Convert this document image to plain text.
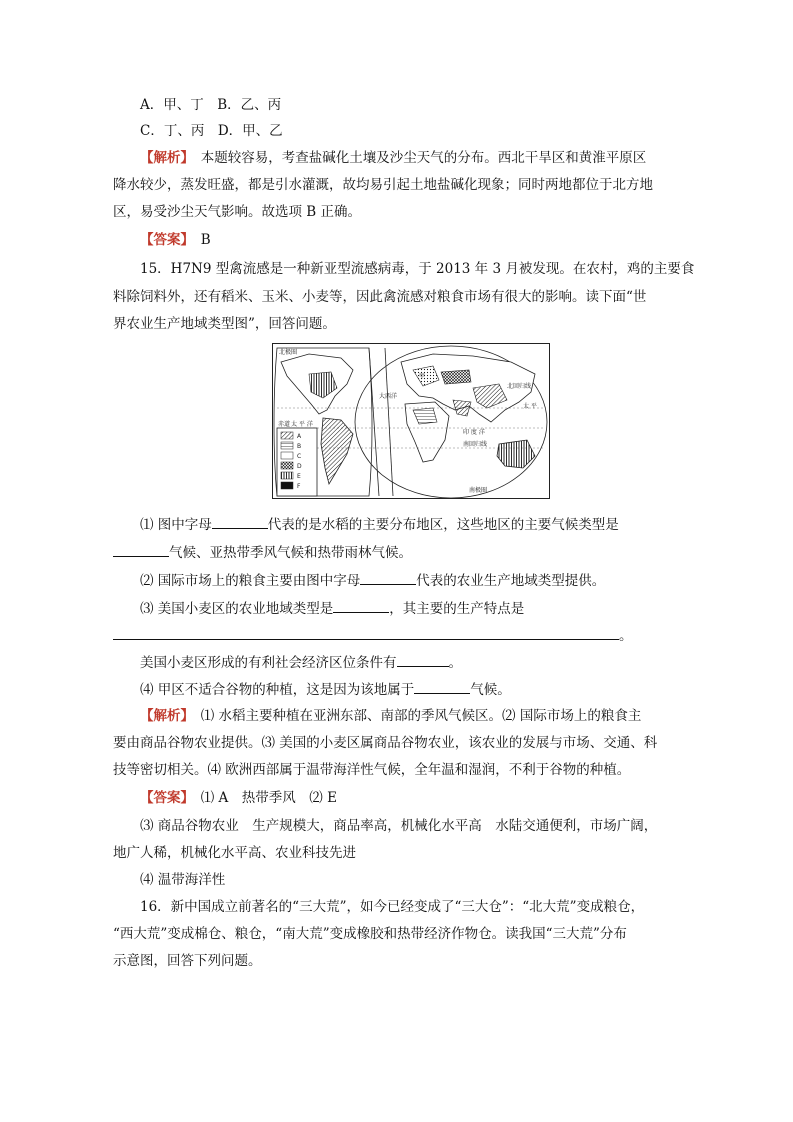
A．甲、丁　B．乙、丙
C．丁、丙　D．甲、乙
【解析】　本题较容易，考查盐碱化土壤及沙尘天气的分布。西北干旱区和黄淮平原区
降水较少，蒸发旺盛，都是引水灌溉，故均易引起土地盐碱化现象；同时两地都位于北方地
区，易受沙尘天气影响。故选项 B 正确。
【答案】　B
15．H7N9 型禽流感是一种新亚型流感病毒，于 2013 年 3 月被发现。在农村，鸡的主要食
料除饲料外，还有稻米、玉米、小麦等，因此禽流感对粮食市场有很大的影响。读下面“世
界农业生产地域类型图”，回答问题。
北极圈
北回归线
南回归线
南极圈
赤道 太 平 洋
大西洋
印 度 洋
太 平
甲
A
B
C
D
E
F
⑴ 图中字母	代表的是水稻的主要分布地区，这些地区的主要气候类型是
气候、亚热带季风气候和热带雨林气候。
⑵ 国际市场上的粮食主要由图中字母	代表的农业生产地域类型提供。
⑶ 美国小麦区的农业地域类型是	，其主要的生产特点是
。
美国小麦区形成的有利社会经济区位条件有	。
⑷ 甲区不适合谷物的种植，这是因为该地属于	气候。
【解析】　⑴ 水稻主要种植在亚洲东部、南部的季风气候区。⑵ 国际市场上的粮食主
要由商品谷物农业提供。⑶ 美国的小麦区属商品谷物农业，该农业的发展与市场、交通、科
技等密切相关。⑷ 欧洲西部属于温带海洋性气候，全年温和湿润，不利于谷物的种植。
【答案】　⑴ A　热带季风　⑵ E
⑶ 商品谷物农业　生产规模大，商品率高，机械化水平高　水陆交通便利，市场广阔，
地广人稀，机械化水平高、农业科技先进
⑷ 温带海洋性
16．新中国成立前著名的“三大荒”，如今已经变成了“三大仓”：“北大荒”变成粮仓，
“西大荒”变成棉仓、粮仓，“南大荒”变成橡胶和热带经济作物仓。读我国“三大荒”分布
示意图，回答下列问题。
